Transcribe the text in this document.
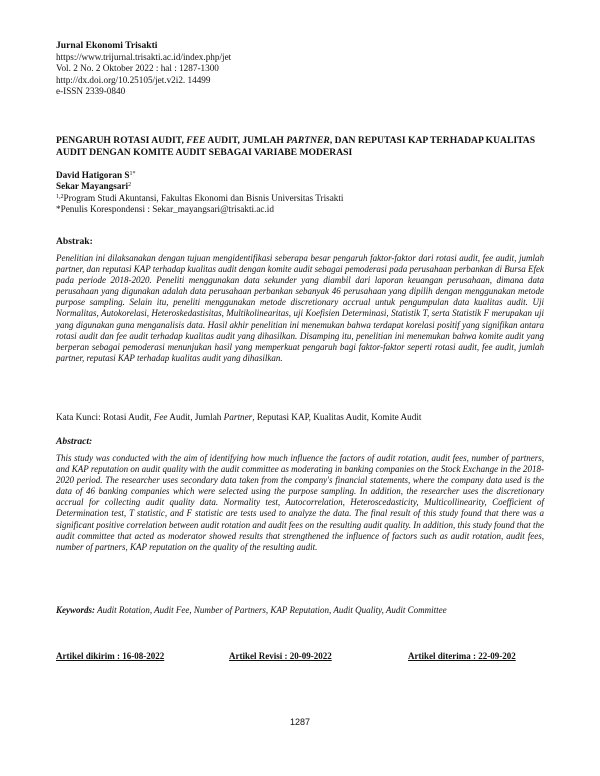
Jurnal Ekonomi Trisakti

https://www.trijurnal.trisakti.ac.id/index.php/jet

Vol. 2 No. 2 Oktober 2022 : hal : 1287-1300

http://dx.doi.org/10.25105/jet.v2i2. 14499

e-ISSN 2339-0840

PENGARUH ROTASI AUDIT, FEE AUDIT, JUMLAH PARTNER, DAN REPUTASI KAP TERHADAP KUALITAS AUDIT DENGAN KOMITE AUDIT SEBAGAI VARIABE MODERASI

David Hatigoran $S^{1*}$

Sekar Mayangsari$^2$

$^{1,2}$Program Studi Akuntansi, Fakultas Ekonomi dan Bisnis Universitas Trisakti

*Penulis Korespondensi : Sekar_mayangsari@trisakti.ac.id

Abstrak:

Penelitian ini dilaksanakan dengan tujuan mengidentifikasi seberapa besar pengaruh faktor-faktor dari rotasi audit, fee audit, jumlah partner, dan reputasi KAP terhadap kualitas audit dengan komite audit sebagai pemoderasi pada perusahaan perbankan di Bursa Efek pada periode 2018-2020. Peneliti menggunakan data sekunder yang diambil dari laporan keuangan perusahaan, dimana data perusahaan yang digunakan adalah data perusahaan perbankan sebanyak 46 perusahaan yang dipilih dengan menggunakan metode purpose sampling. Selain itu, peneliti menggunakan metode discretionary accrual untuk pengumpulan data kualitas audit. Uji Normalitas, Autokorelasi, Heteroskedastisitas, Multikolinearitas, uji Koefisien Determinasi, Statistik T, serta Statistik F merupakan uji yang digunakan guna menganalisis data. Hasil akhir penelitian ini menemukan bahwa terdapat korelasi positif yang signifikan antara rotasi audit dan fee audit terhadap kualitas audit yang dihasilkan. Disamping itu, penelitian ini menemukan bahwa komite audit yang berperan sebagai pemoderasi menunjukan hasil yang memperkuat pengaruh bagi faktor-faktor seperti rotasi audit, fee audit, jumlah partner, reputasi KAP terhadap kualitas audit yang dihasilkan.

Kata Kunci: Rotasi Audit, Fee Audit, Jumlah Partner, Reputasi KAP, Kualitas Audit, Komite Audit
Abstract:

This study was conducted with the aim of identifying how much influence the factors of audit rotation, audit fees, number of partners, and KAP reputation on audit quality with the audit committee as moderating in banking companies on the Stock Exchange in the 2018-2020 period. The researcher uses secondary data taken from the company's financial statements, where the company data used is the data of 46 banking companies which were selected using the purpose sampling. In addition, the researcher uses the discretionary accrual for collecting audit quality data. Normality test, Autocorrelation, Heteroscedasticity, Multicollinearity, Coefficient of Determination test, T statistic, and F statistic are tests used to analyze the data. The final result of this study found that there was a significant positive correlation between audit rotation and audit fees on the resulting audit quality. In addition, this study found that the audit committee that acted as moderator showed results that strengthened the influence of factors such as audit rotation, audit fees, number of partners, KAP reputation on the quality of the resulting audit.

Keywords: Audit Rotation, Audit Fee, Number of Partners, KAP Reputation, Audit Quality, Audit Committee
Artikel dikirim : 16-08-2022	Artikel Revisi : 20-09-2022	Artikel diterima : 22-09-202
1287
